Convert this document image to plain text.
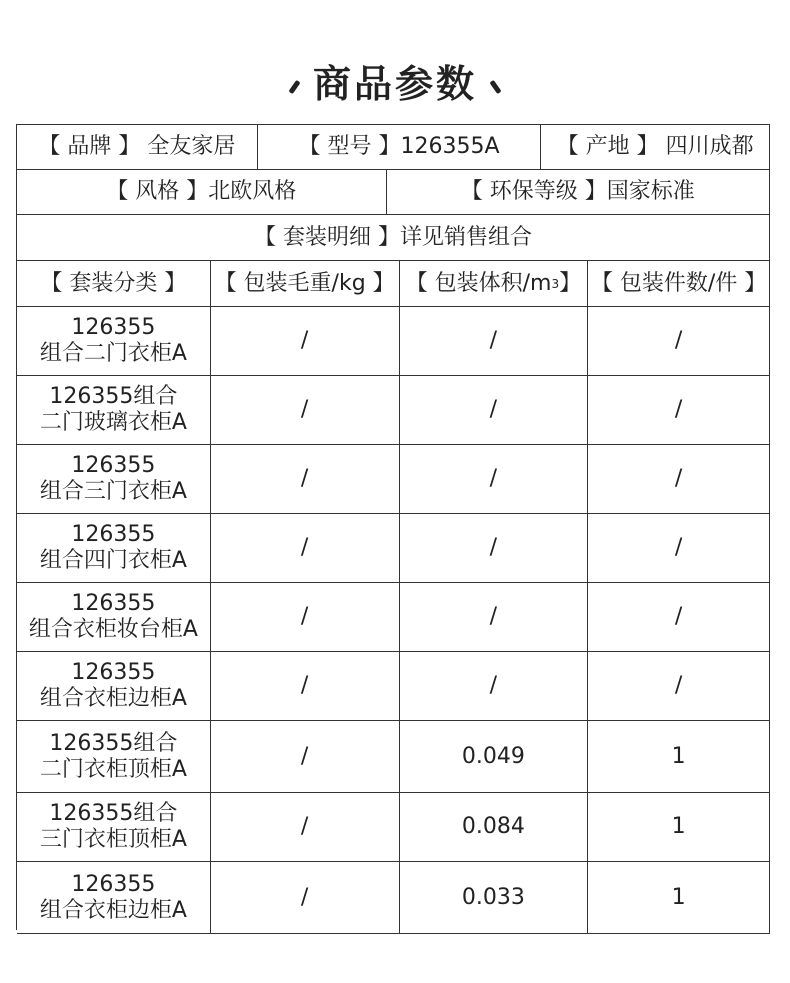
商品参数
【 品牌 】 全友家居	【 型号 】126355A	【 产地 】 四川成都
【 风格 】北欧风格	【 环保等级 】国家标准
【 套装明细 】详见销售组合
【 套装分类 】	【 包装毛重/kg 】 【 包装体积/m 3 】 【 包装件数/件 】
126355
组合二门衣柜A
/	/	/
126355组合
二门玻璃衣柜A
/	/	/
126355
组合三门衣柜A
/	/	/
126355
组合四门衣柜A
/	/	/
126355
组合衣柜妆台柜A
/	/	/
126355
组合衣柜边柜A
/	/	/
126355组合
二门衣柜顶柜A
/	0.049	1
126355组合
三门衣柜顶柜A
/	0.084	1
126355
组合衣柜边柜A
/	0.033	1
